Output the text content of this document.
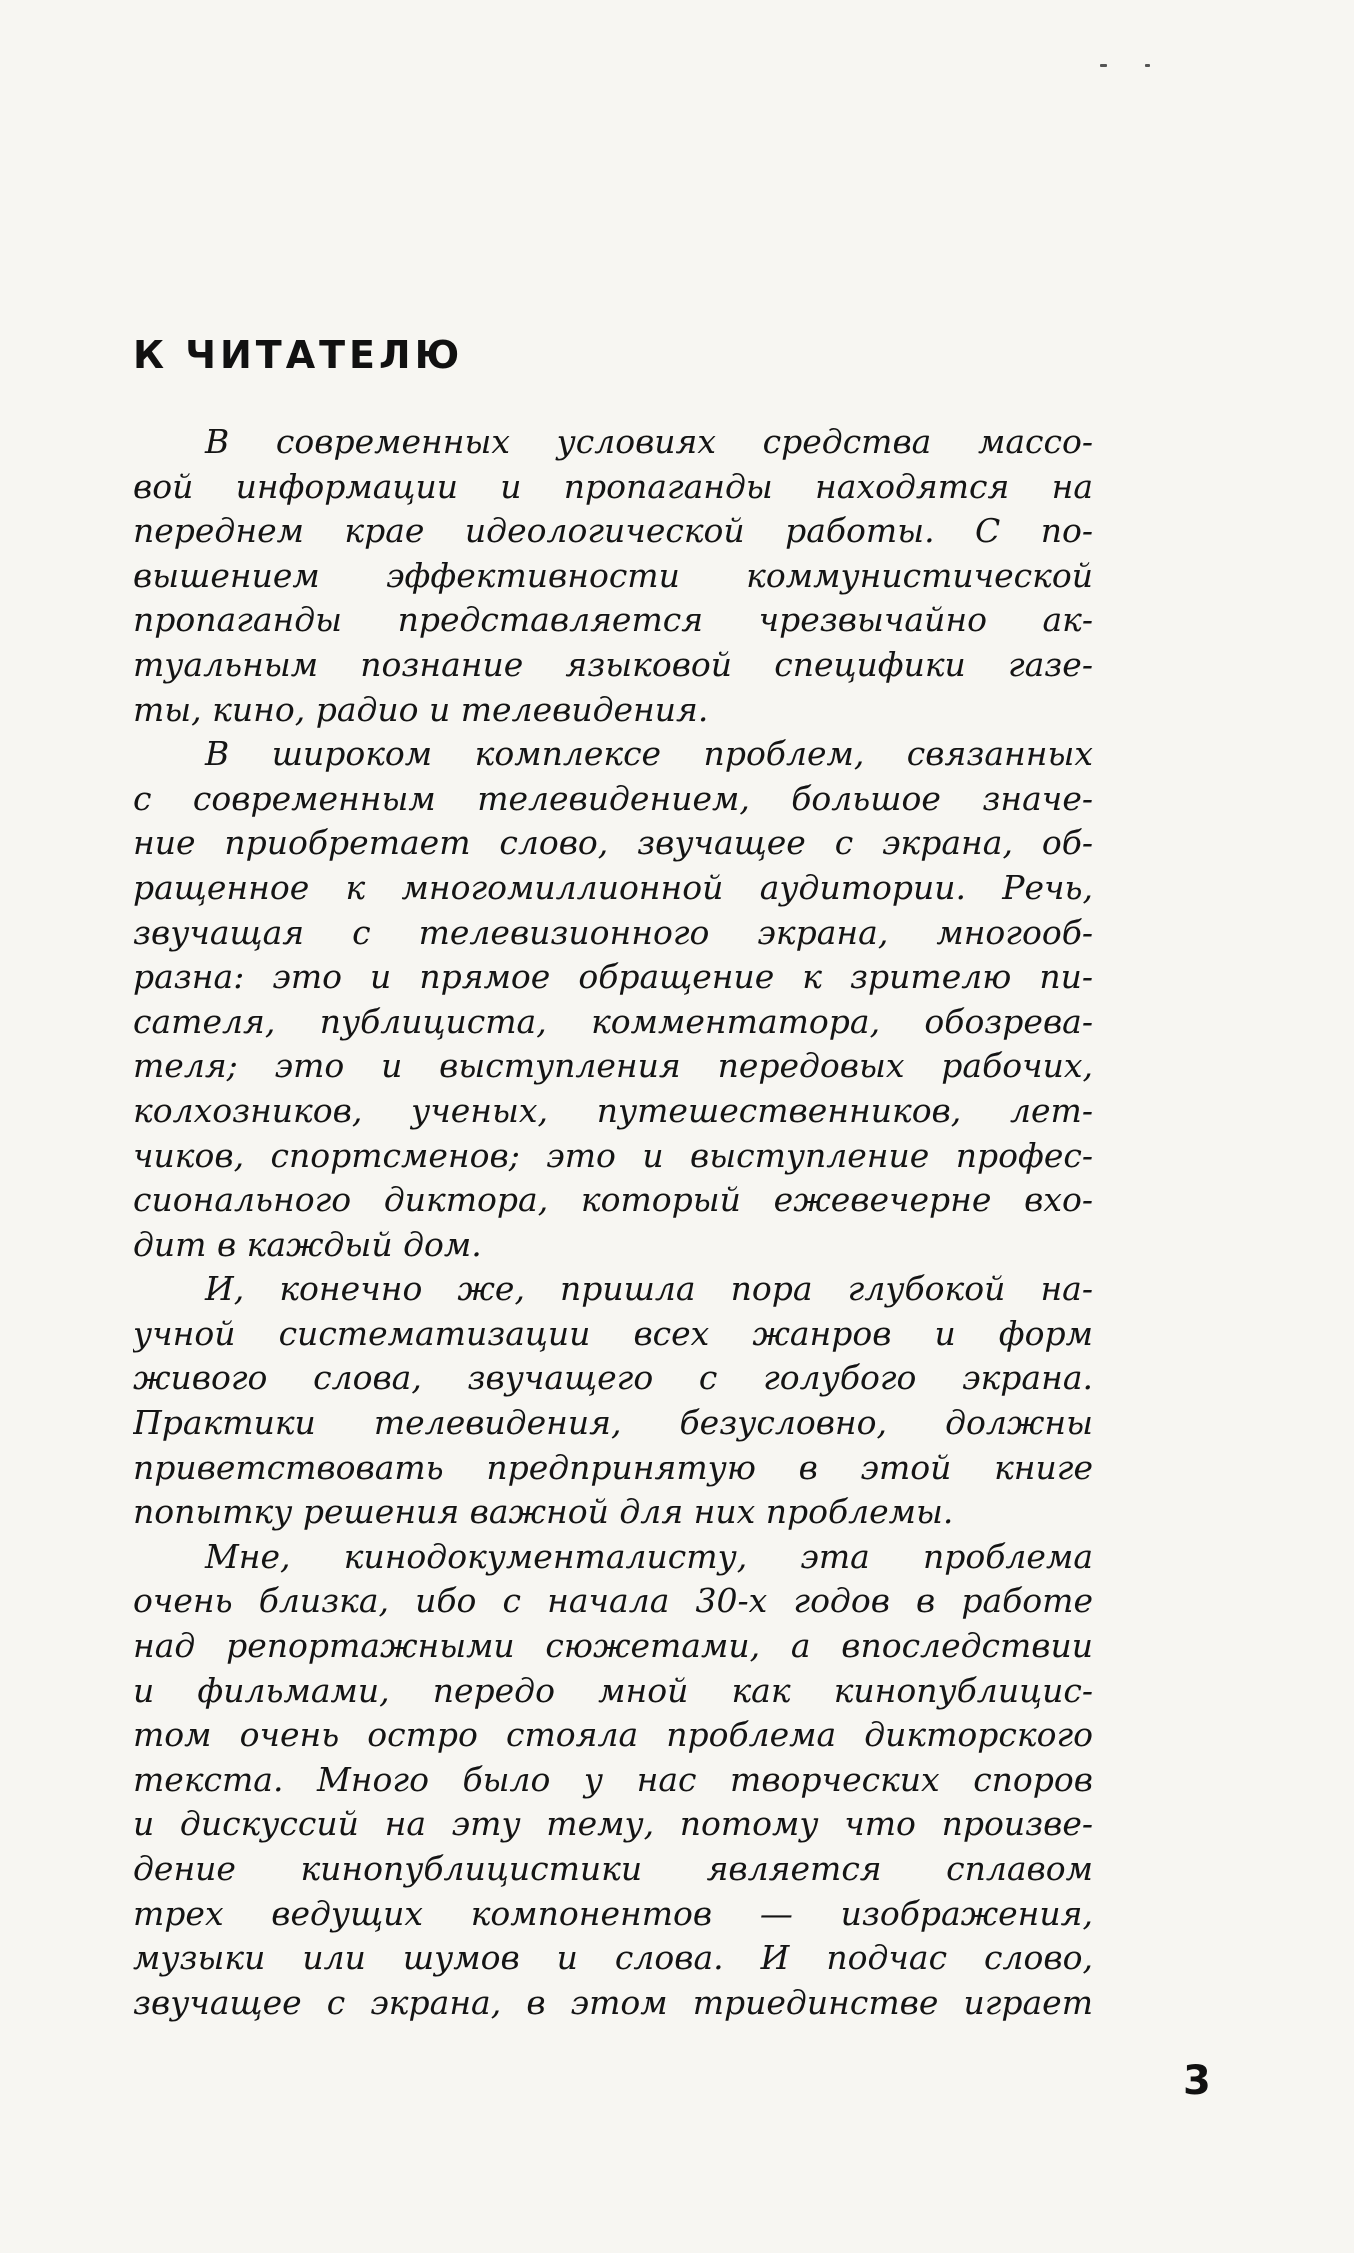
К ЧИТАТЕЛЮ
В современных условиях средства массо-
вой информации и пропаганды находятся на
переднем крае идеологической работы. С по-
вышением эффективности коммунистической
пропаганды представляется чрезвычайно ак-
туальным познание языковой специфики газе-
ты, кино, радио и телевидения.
В широком комплексе проблем, связанных
с современным телевидением, большое значе-
ние приобретает слово, звучащее с экрана, об-
ращенное к многомиллионной аудитории. Речь,
звучащая с телевизионного экрана, многооб-
разна: это и прямое обращение к зрителю пи-
сателя, публициста, комментатора, обозрева-
теля; это и выступления передовых рабочих,
колхозников, ученых, путешественников, лет-
чиков, спортсменов; это и выступление профес-
сионального диктора, который ежевечерне вхо-
дит в каждый дом.
И, конечно же, пришла пора глубокой на-
учной систематизации всех жанров и форм
живого слова, звучащего с голубого экрана.
Практики телевидения, безусловно, должны
приветствовать предпринятую в этой книге
попытку решения важной для них проблемы.
Мне, кинодокументалисту, эта проблема
очень близка, ибо с начала 30-х годов в работе
над репортажными сюжетами, а впоследствии
и фильмами, передо мной как кинопублицис-
том очень остро стояла проблема дикторского
текста. Много было у нас творческих споров
и дискуссий на эту тему, потому что произве-
дение кинопублицистики является сплавом
трех ведущих компонентов — изображения,
музыки или шумов и слова. И подчас слово,
звучащее с экрана, в этом триединстве играет

3
